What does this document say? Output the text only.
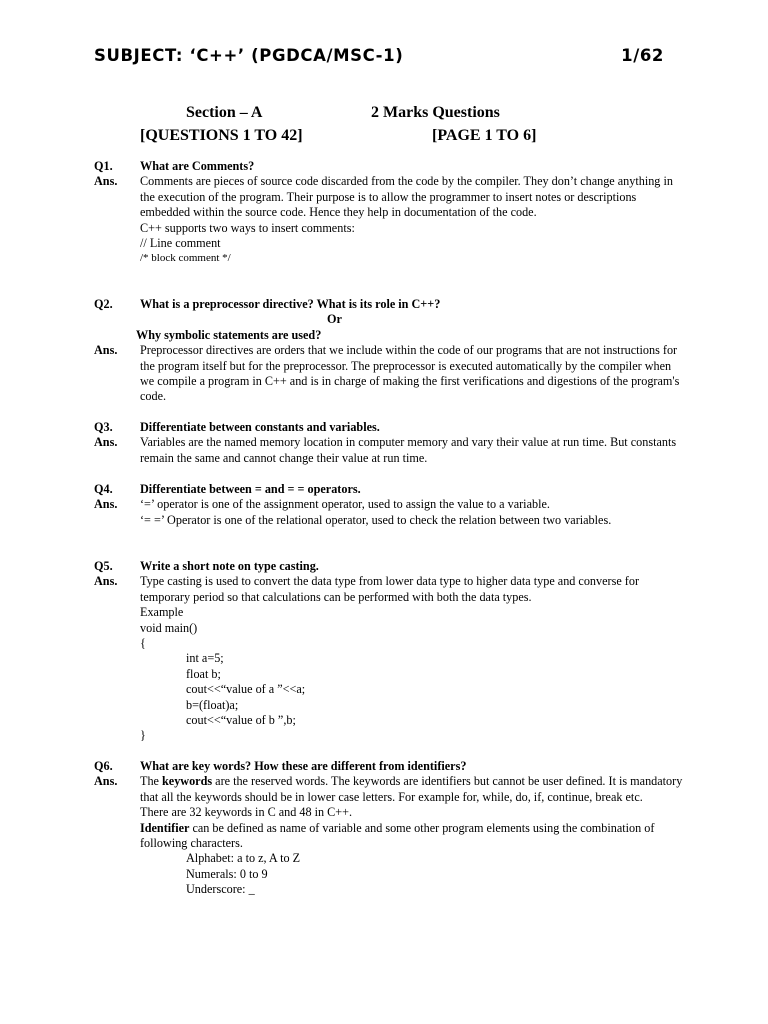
SUBJECT: ‘C++’ (PGDCA/MSC-1)	1/62
Section – A	2 Marks Questions
[QUESTIONS 1 TO 42]	[PAGE 1 TO 6]
Q1. What are Comments?
Ans. Comments are pieces of source code discarded from the code by the compiler. They don’t change anything in the execution of the program. Their purpose is to allow the programmer to insert notes or descriptions embedded within the source code. Hence they help in documentation of the code.

C++ supports two ways to insert comments:

// Line comment

/* block comment */

Q2. What is a preprocessor directive? What is its role in C++?
Or
Why symbolic statements are used?
Ans. Preprocessor directives are orders that we include within the code of our programs that are not instructions for the program itself but for the preprocessor. The preprocessor is executed automatically by the compiler when we compile a program in C++ and is in charge of making the first verifications and digestions of the program's code.

Q3. Differentiate between constants and variables.
Ans. Variables are the named memory location in computer memory and vary their value at run time. But constants remain the same and cannot change their value at run time.

Q4. Differentiate between = and = = operators.
Ans. ‘=’ operator is one of the assignment operator, used to assign the value to a variable.

‘= =’ Operator is one of the relational operator, used to check the relation between two variables.

Q5. Write a short note on type casting.
Ans. Type casting is used to convert the data type from lower data type to higher data type and converse for temporary period so that calculations can be performed with both the data types.

Example

void main()

{

int a=5;

float b;

cout<<“value of a ”<<a;

b=(float)a;

cout<<“value of b ”,b;

}

Q6. What are key words? How these are different from identifiers?
Ans. The keywords are the reserved words. The keywords are identifiers but cannot be user defined. It is mandatory that all the keywords should be in lower case letters. For example for, while, do, if, continue, break etc.

There are 32 keywords in C and 48 in C++.

Identifier can be defined as name of variable and some other program elements using the combination of following characters.

Alphabet: a to z, A to Z

Numerals: 0 to 9

Underscore: _
